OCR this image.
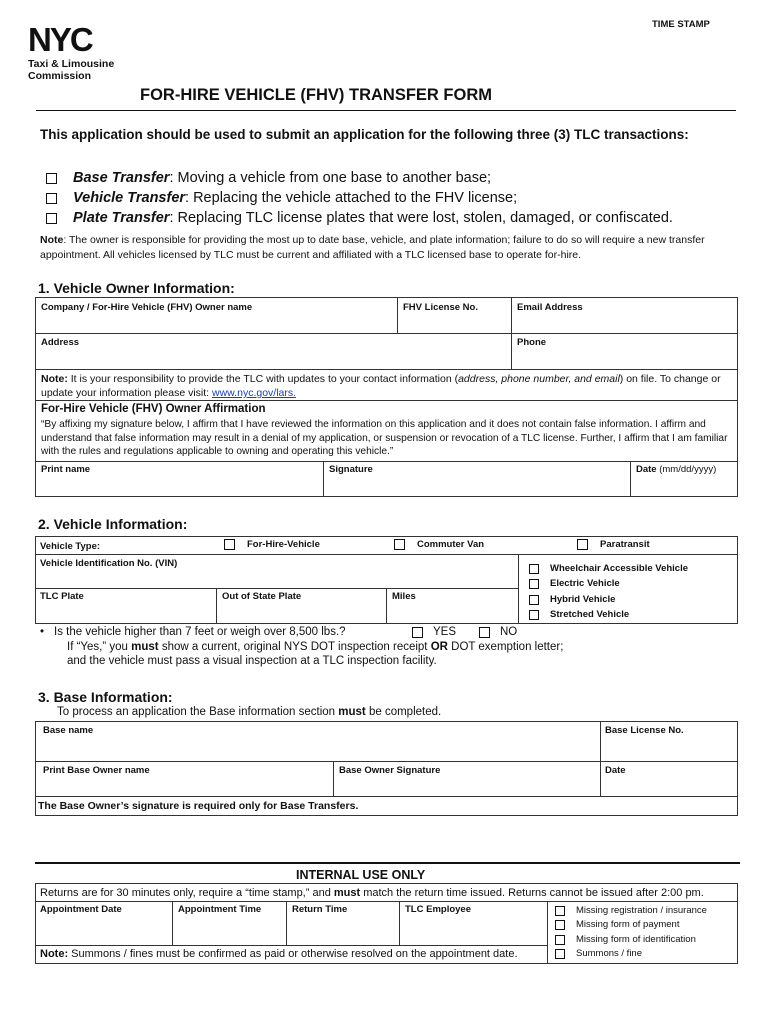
NYC
Taxi & Limousine
Commission
TIME STAMP
FOR-HIRE VEHICLE (FHV) TRANSFER FORM
This application should be used to submit an application for the following three (3) TLC transactions:
Base Transfer : Moving a vehicle from one base to another base;
Vehicle Transfer : Replacing the vehicle attached to the FHV license;
Plate Transfer : Replacing TLC license plates that were lost, stolen, damaged, or confiscated.
Note: The owner is responsible for providing the most up to date base, vehicle, and plate information; failure to do so will require a new transfer appointment. All vehicles licensed by TLC must be current and affiliated with a TLC licensed base to operate for-hire.
1. Vehicle Owner Information:
Company / For-Hire Vehicle (FHV) Owner name	FHV License No.	Email Address
Address	Phone
Note: It is your responsibility to provide the TLC with updates to your contact information (address, phone number, and email) on file. To change or update your information please visit: www.nyc.gov/lars.
For-Hire Vehicle (FHV) Owner Affirmation
“By affixing my signature below, I affirm that I have reviewed the information on this application and it does not contain false information. I affirm and understand that false information may result in a denial of my application, or suspension or revocation of a TLC license. Further, I affirm that I am familiar with the rules and regulations applicable to owning and operating this vehicle.”
Print name	Signature	Date (mm/dd/yyyy)
2. Vehicle Information:
Vehicle Type:	For-Hire-Vehicle	Commuter Van	Paratransit
Vehicle Identification No. (VIN)
TLC Plate	Out of State Plate	Miles
Wheelchair Accessible Vehicle
Electric Vehicle
Hybrid Vehicle
Stretched Vehicle
• Is the vehicle higher than 7 feet or weigh over 8,500 lbs.?	YES	NO
If “Yes,” you must show a current, original NYS DOT inspection receipt OR DOT exemption letter;
and the vehicle must pass a visual inspection at a TLC inspection facility.
3. Base Information:
To process an application the Base information section must be completed.
Base name	Base License No.
Print Base Owner name	Base Owner Signature	Date
The Base Owner’s signature is required only for Base Transfers.
INTERNAL USE ONLY
Returns are for 30 minutes only, require a “time stamp,” and must match the return time issued. Returns cannot be issued after 2:00 pm.
Appointment Date	Appointment Time	Return Time	TLC Employee	Missing registration / insurance
Missing form of payment
Missing form of identification
Summons / fine
Note: Summons / fines must be confirmed as paid or otherwise resolved on the appointment date.
